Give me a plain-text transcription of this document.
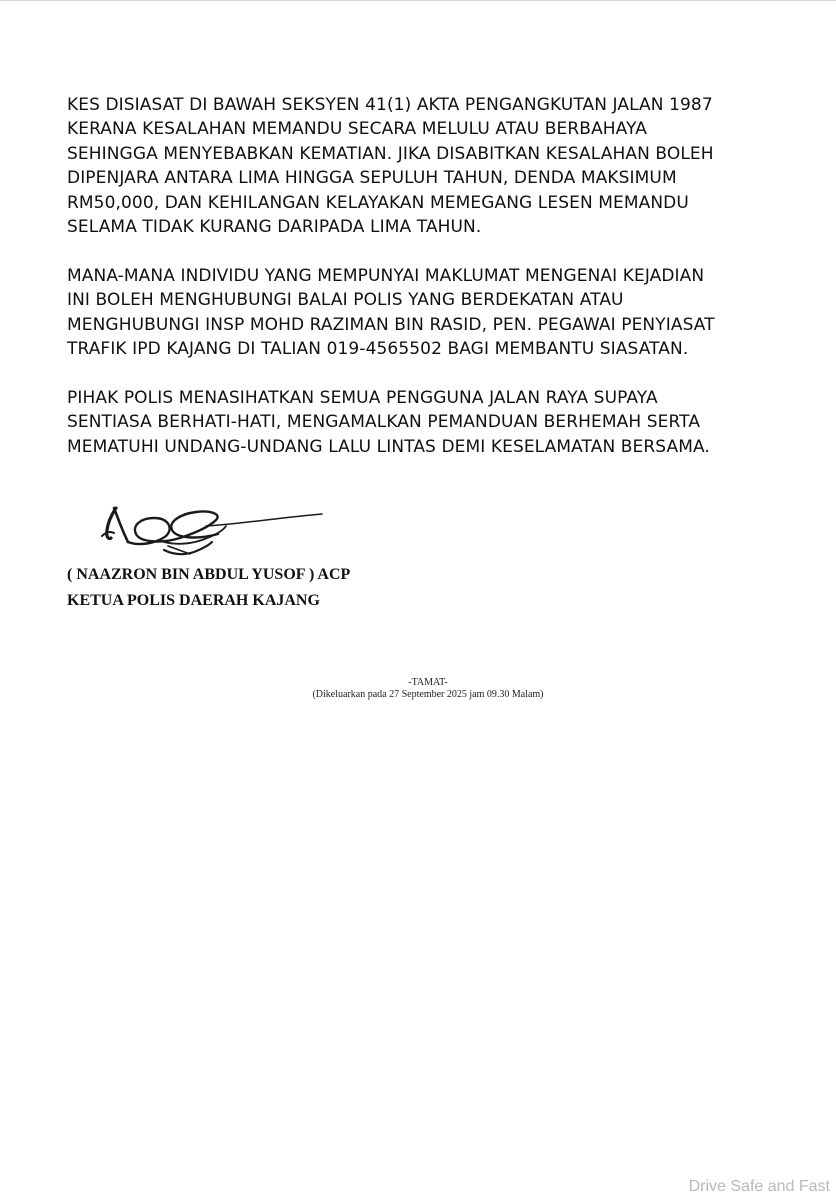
KES DISIASAT DI BAWAH SEKSYEN 41(1) AKTA PENGANGKUTAN JALAN 1987
KERANA KESALAHAN MEMANDU SECARA MELULU ATAU BERBAHAYA
SEHINGGA MENYEBABKAN KEMATIAN. JIKA DISABITKAN KESALAHAN BOLEH
DIPENJARA ANTARA LIMA HINGGA SEPULUH TAHUN, DENDA MAKSIMUM
RM50,000, DAN KEHILANGAN KELAYAKAN MEMEGANG LESEN MEMANDU
SELAMA TIDAK KURANG DARIPADA LIMA TAHUN.

MANA-MANA INDIVIDU YANG MEMPUNYAI MAKLUMAT MENGENAI KEJADIAN
INI BOLEH MENGHUBUNGI BALAI POLIS YANG BERDEKATAN ATAU
MENGHUBUNGI INSP MOHD RAZIMAN BIN RASID, PEN. PEGAWAI PENYIASAT
TRAFIK IPD KAJANG DI TALIAN 019-4565502 BAGI MEMBANTU SIASATAN.

PIHAK POLIS MENASIHATKAN SEMUA PENGGUNA JALAN RAYA SUPAYA
SENTIASA BERHATI-HATI, MENGAMALKAN PEMANDUAN BERHEMAH SERTA
MEMATUHI UNDANG-UNDANG LALU LINTAS DEMI KESELAMATAN BERSAMA.

( NAAZRON BIN ABDUL YUSOF ) ACP
KETUA POLIS DAERAH KAJANG
-TAMAT-
(Dikeluarkan pada 27 September 2025 jam 09.30 Malam)
Drive Safe and Fast
